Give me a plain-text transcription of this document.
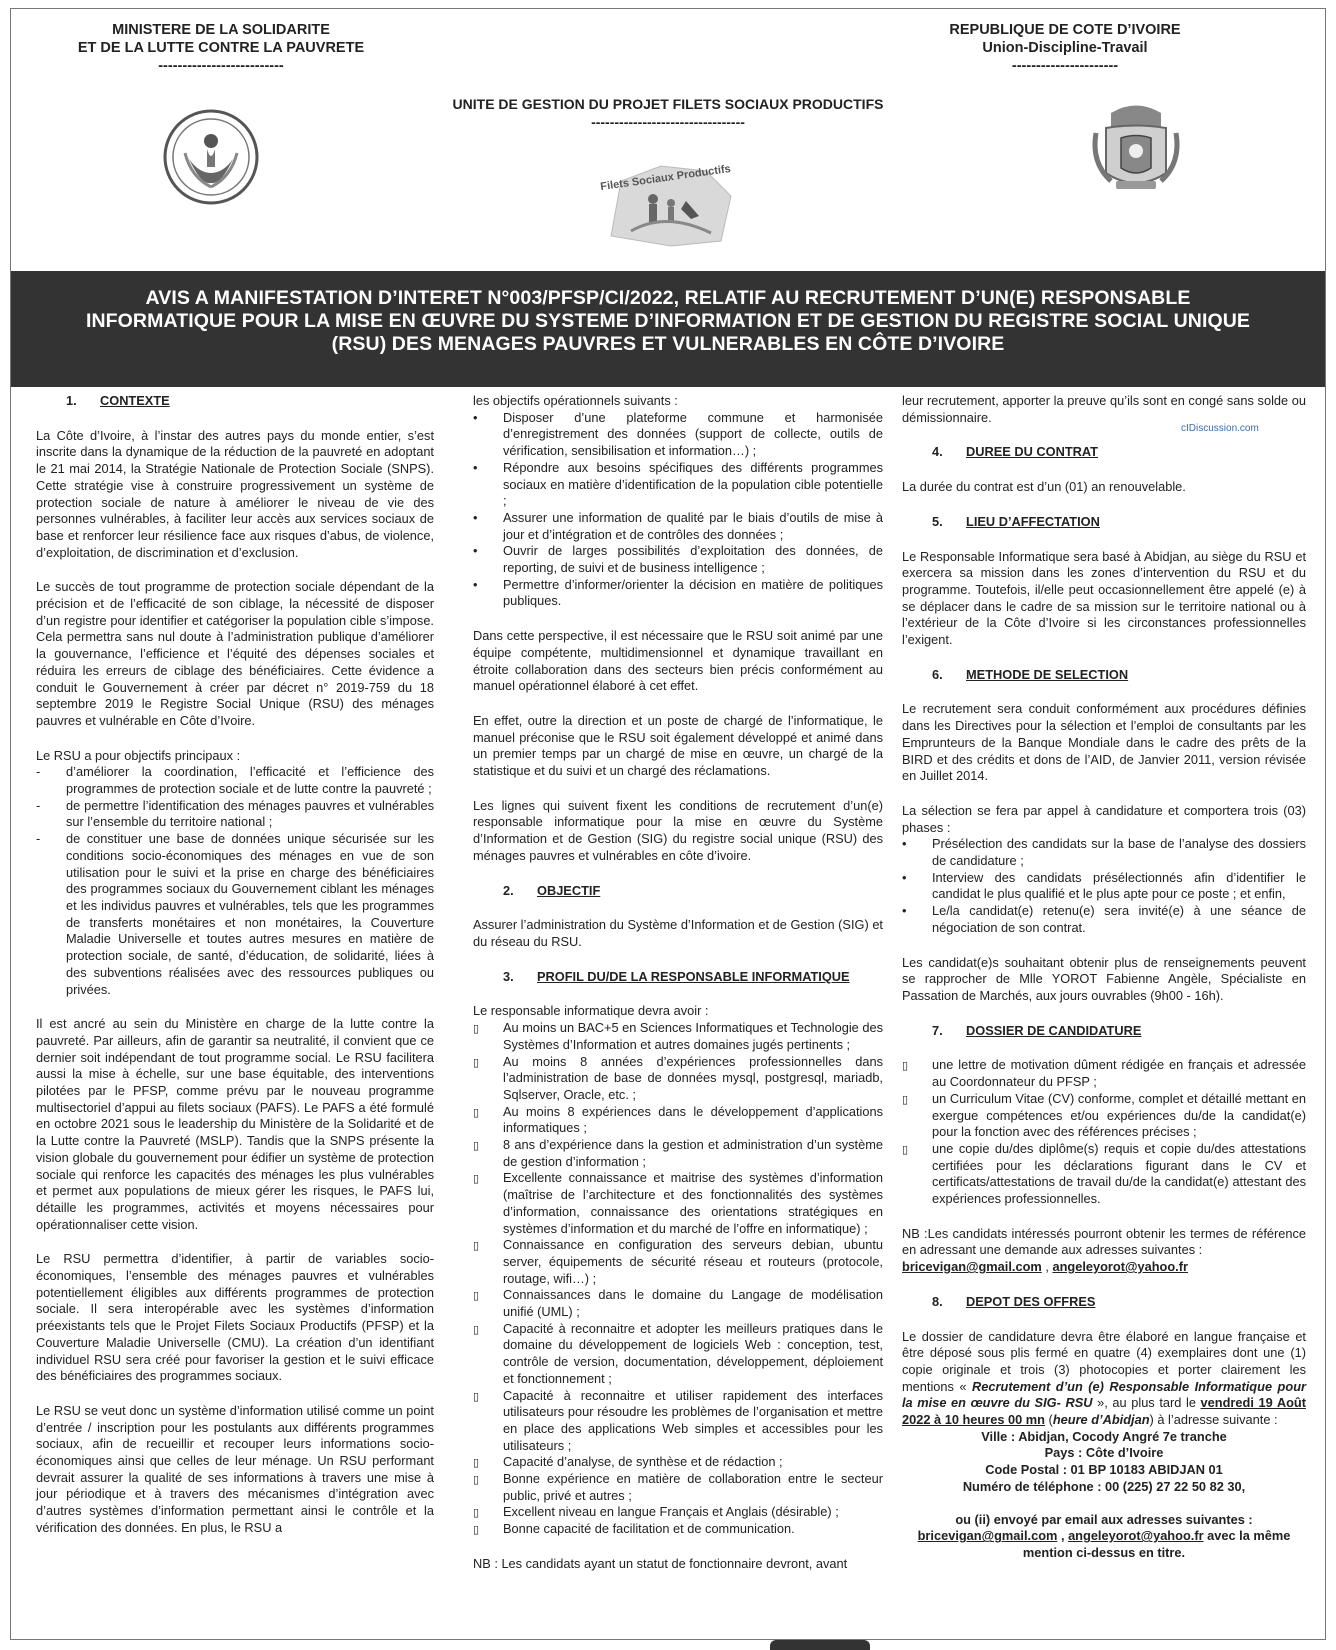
MINISTERE DE LA SOLIDARITE
ET DE LA LUTTE CONTRE LA PAUVRETE
--------------------------
UNITE DE GESTION DU PROJET FILETS SOCIAUX PRODUCTIFS
---------------------------------
REPUBLIQUE DE COTE D’IVOIRE
Union-Discipline-Travail
----------------------
Filets Sociaux Productifs
AVIS A MANIFESTATION D’INTERET N°003/PFSP/CI/2022, RELATIF AU RECRUTEMENT D’UN(E) RESPONSABLE
INFORMATIQUE POUR LA MISE EN ŒUVRE DU SYSTEME D’INFORMATION ET DE GESTION DU REGISTRE SOCIAL UNIQUE
(RSU) DES MENAGES PAUVRES ET VULNERABLES EN CÔTE D’IVOIRE
cIDiscussion.com
1. CONTEXTE

La Côte d’Ivoire, à l’instar des autres pays du monde entier, s’est inscrite dans la dynamique de la réduction de la pauvreté en adoptant le 21 mai 2014, la Stratégie Nationale de Protection Sociale (SNPS). Cette stratégie vise à construire progressivement un système de protection sociale de nature à améliorer le niveau de vie des personnes vulnérables, à faciliter leur accès aux services sociaux de base et renforcer leur résilience face aux risques d’abus, de violence, d’exploitation, de discrimination et d’exclusion.

Le succès de tout programme de protection sociale dépendant de la précision et de l’efficacité de son ciblage, la nécessité de disposer d’un registre pour identifier et catégoriser la population cible s’impose. Cela permettra sans nul doute à l’administration publique d’améliorer la gouvernance, l’efficience et l’équité des dépenses sociales et réduira les erreurs de ciblage des bénéficiaires. Cette évidence a conduit le Gouvernement à créer par décret n° 2019-759 du 18 septembre 2019 le Registre Social Unique (RSU) des ménages pauvres et vulnérable en Côte d’Ivoire.

Le RSU a pour objectifs principaux :

-
d’améliorer la coordination, l’efficacité et l’efficience des programmes de protection sociale et de lutte contre la pauvreté ;
-
de permettre l’identification des ménages pauvres et vulnérables sur l’ensemble du territoire national ;
-
de constituer une base de données unique sécurisée sur les conditions socio-économiques des ménages en vue de son utilisation pour le suivi et la prise en charge des bénéficiaires des programmes sociaux du Gouvernement ciblant les ménages et les individus pauvres et vulnérables, tels que les programmes de transferts monétaires et non monétaires, la Couverture Maladie Universelle et toutes autres mesures en matière de protection sociale, de santé, d’éducation, de solidarité, liées à des subventions réalisées avec des ressources publiques ou privées.

Il est ancré au sein du Ministère en charge de la lutte contre la pauvreté. Par ailleurs, afin de garantir sa neutralité, il convient que ce dernier soit indépendant de tout programme social. Le RSU facilitera aussi la mise à échelle, sur une base équitable, des interventions pilotées par le PFSP, comme prévu par le nouveau programme multisectoriel d’appui au filets sociaux (PAFS). Le PAFS a été formulé en octobre 2021 sous le leadership du Ministère de la Solidarité et de la Lutte contre la Pauvreté (MSLP). Tandis que la SNPS présente la vision globale du gouvernement pour édifier un système de protection sociale qui renforce les capacités des ménages les plus vulnérables et permet aux populations de mieux gérer les risques, le PAFS lui, détaille les programmes, activités et moyens nécessaires pour opérationnaliser cette vision.

Le RSU permettra d’identifier, à partir de variables socio-économiques, l’ensemble des ménages pauvres et vulnérables potentiellement éligibles aux différents programmes de protection sociale. Il sera interopérable avec les systèmes d’information préexistants tels que le Projet Filets Sociaux Productifs (PFSP) et la Couverture Maladie Universelle (CMU). La création d’un identifiant individuel RSU sera créé pour favoriser la gestion et le suivi efficace des bénéficiaires des programmes sociaux.

Le RSU se veut donc un système d’information utilisé comme un point d’entrée / inscription pour les postulants aux différents programmes sociaux, afin de recueillir et recouper leurs informations socio-économiques ainsi que celles de leur ménage. Un RSU performant devrait assurer la qualité de ses informations à travers une mise à jour périodique et à travers des mécanismes d’intégration avec d’autres systèmes d’information permettant ainsi le contrôle et la vérification des données. En plus, le RSU a

les objectifs opérationnels suivants :

•
Disposer d’une plateforme commune et harmonisée d’enregistrement des données (support de collecte, outils de vérification, sensibilisation et information…) ;
•
Répondre aux besoins spécifiques des différents programmes sociaux en matière d’identification de la population cible potentielle ;
•
Assurer une information de qualité par le biais d’outils de mise à jour et d’intégration et de contrôles des données ;
•
Ouvrir de larges possibilités d’exploitation des données, de reporting, de suivi et de business intelligence ;
•
Permettre d’informer/orienter la décision en matière de politiques publiques.

Dans cette perspective, il est nécessaire que le RSU soit animé par une équipe compétente, multidimensionnel et dynamique travaillant en étroite collaboration dans des secteurs bien précis conformément au manuel opérationnel élaboré à cet effet.

En effet, outre la direction et un poste de chargé de l’informatique, le manuel préconise que le RSU soit également développé et animé dans un premier temps par un chargé de mise en œuvre, un chargé de la statistique et du suivi et un chargé des réclamations.

Les lignes qui suivent fixent les conditions de recrutement d’un(e) responsable informatique pour la mise en œuvre du Système d’Information et de Gestion (SIG) du registre social unique (RSU) des ménages pauvres et vulnérables en côte d’ivoire.

2. OBJECTIF

Assurer l’administration du Système d’Information et de Gestion (SIG) et du réseau du RSU.

3. PROFIL DU/DE LA RESPONSABLE INFORMATIQUE

Le responsable informatique devra avoir :

▯
Au moins un BAC+5 en Sciences Informatiques et Technologie des Systèmes d’Information et autres domaines jugés pertinents ;
▯
Au moins 8 années d’expériences professionnelles dans l’administration de base de données mysql, postgresql, mariadb, Sqlserver, Oracle, etc. ;
▯
Au moins 8 expériences dans le développement d’applications informatiques ;
▯
8 ans d’expérience dans la gestion et administration d’un système de gestion d’information ;
▯
Excellente connaissance et maitrise des systèmes d’information (maîtrise de l’architecture et des fonctionnalités des systèmes d’information, connaissance des orientations stratégiques en systèmes d’information et du marché de l’offre en informatique) ;
▯
Connaissance en configuration des serveurs debian, ubuntu server, équipements de sécurité réseau et routeurs (protocole, routage, wifi…) ;
▯
Connaissances dans le domaine du Langage de modélisation unifié (UML) ;
▯
Capacité à reconnaitre et adopter les meilleurs pratiques dans le domaine du développement de logiciels Web : conception, test, contrôle de version, documentation, développement, déploiement et fonctionnement ;
▯
Capacité à reconnaitre et utiliser rapidement des interfaces utilisateurs pour résoudre les problèmes de l’organisation et mettre en place des applications Web simples et accessibles pour les utilisateurs ;
▯
Capacité d’analyse, de synthèse et de rédaction ;
▯
Bonne expérience en matière de collaboration entre le secteur public, privé et autres ;
▯
Excellent niveau en langue Français et Anglais (désirable) ;
▯
Bonne capacité de facilitation et de communication.

NB : Les candidats ayant un statut de fonctionnaire devront, avant

leur recrutement, apporter la preuve qu’ils sont en congé sans solde ou démissionnaire.

4. DUREE DU CONTRAT

La durée du contrat est d’un (01) an renouvelable.

5. LIEU D’AFFECTATION

Le Responsable Informatique sera basé à Abidjan, au siège du RSU et exercera sa mission dans les zones d’intervention du RSU et du programme. Toutefois, il/elle peut occasionnellement être appelé (e) à se déplacer dans le cadre de sa mission sur le territoire national ou à l’extérieur de la Côte d’Ivoire si les circonstances professionnelles l’exigent.

6. METHODE DE SELECTION

Le recrutement sera conduit conformément aux procédures définies dans les Directives pour la sélection et l’emploi de consultants par les Emprunteurs de la Banque Mondiale dans le cadre des prêts de la BIRD et des crédits et dons de l’AID, de Janvier 2011, version révisée en Juillet 2014.

La sélection se fera par appel à candidature et comportera trois (03) phases :

•
Présélection des candidats sur la base de l’analyse des dossiers de candidature ;
•
Interview des candidats présélectionnés afin d’identifier le candidat le plus qualifié et le plus apte pour ce poste ; et enfin,
•
Le/la candidat(e) retenu(e) sera invité(e) à une séance de négociation de son contrat.

Les candidat(e)s souhaitant obtenir plus de renseignements peuvent se rapprocher de Mlle YOROT Fabienne Angèle, Spécialiste en Passation de Marchés, aux jours ouvrables (9h00 - 16h).

7. DOSSIER DE CANDIDATURE
▯
une lettre de motivation dûment rédigée en français et adressée au Coordonnateur du PFSP ;
▯
un Curriculum Vitae (CV) conforme, complet et détaillé mettant en exergue compétences et/ou expériences du/de la candidat(e) pour la fonction avec des références précises ;
▯
une copie du/des diplôme(s) requis et copie du/des attestations certifiées pour les déclarations figurant dans le CV et certificats/attestations de travail du/de la candidat(e) attestant des expériences professionnelles.

NB :Les candidats intéressés pourront obtenir les termes de référence en adressant une demande aux adresses suivantes :
bricevigan@gmail.com , angeleyorot@yahoo.fr

8. DEPOT DES OFFRES

Le dossier de candidature devra être élaboré en langue française et être déposé sous plis fermé en quatre (4) exemplaires dont une (1) copie originale et trois (3) photocopies et porter clairement les mentions « Recrutement d’un (e) Responsable Informatique pour la mise en œuvre du SIG- RSU », au plus tard le vendredi 19 Août 2022 à 10 heures 00 mn (heure d’Abidjan) à l’adresse suivante :

Ville : Abidjan, Cocody Angré 7e tranche
Pays : Côte d’Ivoire
Code Postal : 01 BP 10183 ABIDJAN 01
Numéro de téléphone : 00 (225) 27 22 50 82 30,
ou (ii) envoyé par email aux adresses suivantes :
bricevigan@gmail.com , angeleyorot@yahoo.fr avec la même mention ci-dessus en titre.
